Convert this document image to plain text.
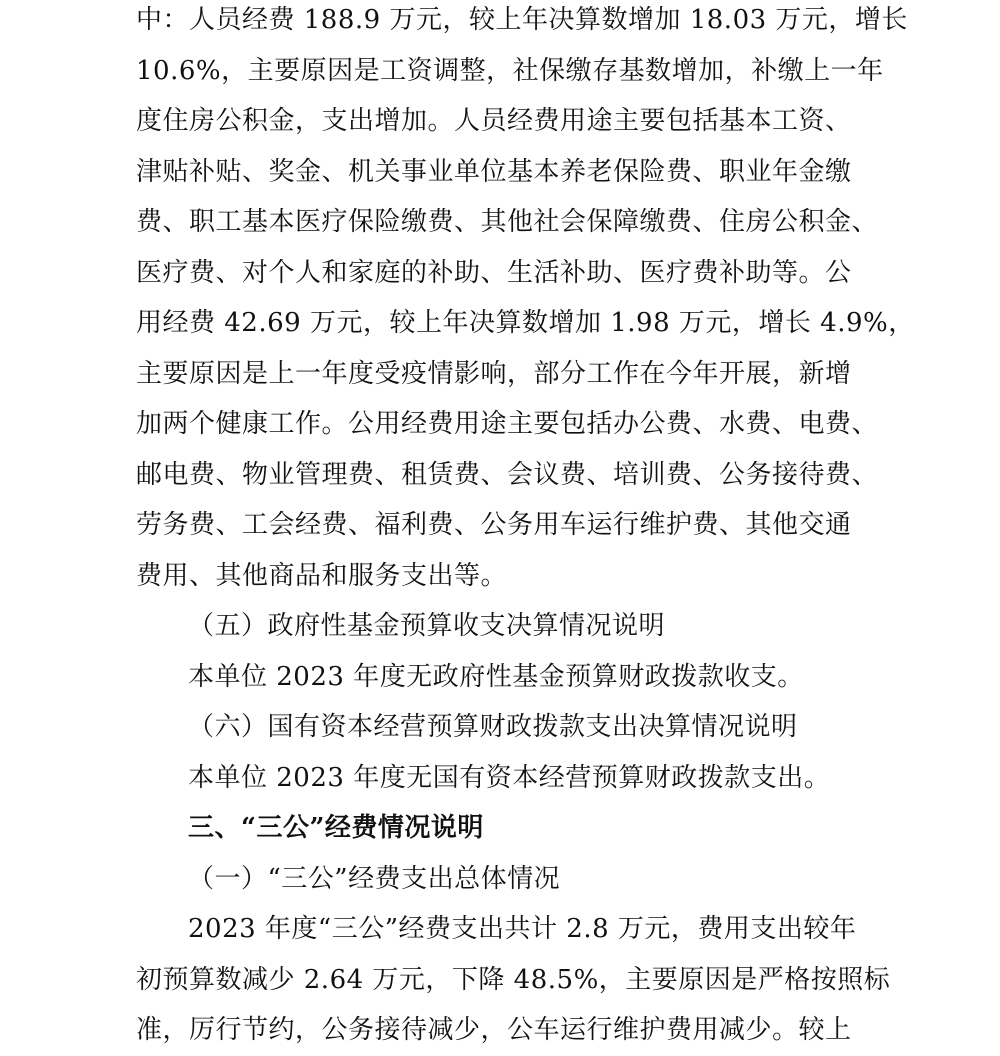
中：人员经费 188.9 万元，较上年决算数增加 18.03 万元，增长
10.6%，主要原因是工资调整，社保缴存基数增加，补缴上一年
度住房公积金，支出增加。人员经费用途主要包括基本工资、
津贴补贴、奖金、机关事业单位基本养老保险费、职业年金缴
费、职工基本医疗保险缴费、其他社会保障缴费、住房公积金、
医疗费、对个人和家庭的补助、生活补助、医疗费补助等。公
用经费 42.69 万元，较上年决算数增加 1.98 万元，增长 4.9%，
主要原因是上一年度受疫情影响，部分工作在今年开展，新增
加两个健康工作。公用经费用途主要包括办公费、水费、电费、
邮电费、物业管理费、租赁费、会议费、培训费、公务接待费、
劳务费、工会经费、福利费、公务用车运行维护费、其他交通
费用、其他商品和服务支出等。
（五）政府性基金预算收支决算情况说明
本单位 2023 年度无政府性基金预算财政拨款收支。
（六）国有资本经营预算财政拨款支出决算情况说明
本单位 2023 年度无国有资本经营预算财政拨款支出。
三、“三公”经费情况说明
（一）“三公”经费支出总体情况
2023 年度“三公”经费支出共计 2.8 万元，费用支出较年
初预算数减少 2.64 万元，下降 48.5%，主要原因是严格按照标
准，厉行节约，公务接待减少，公车运行维护费用减少。较上
